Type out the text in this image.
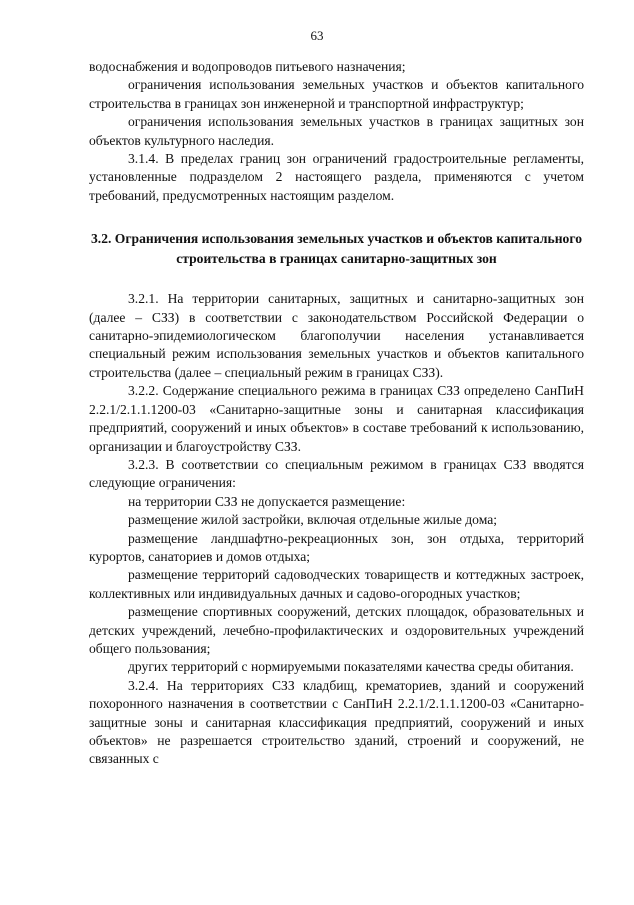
63

водоснабжения и водопроводов питьевого назначения;

ограничения использования земельных участков и объектов капитального строительства в границах зон инженерной и транспортной инфраструктур;

ограничения использования земельных участков в границах защитных зон объектов культурного наследия.

3.1.4. В пределах границ зон ограничений градостроительные регламенты, установленные подразделом 2 настоящего раздела, применяются с учетом требований, предусмотренных настоящим разделом.

3.2. Ограничения использования земельных участков и объектов капитального строительства в границах санитарно-защитных зон

3.2.1. На территории санитарных, защитных и санитарно-защитных зон (далее – СЗЗ) в соответствии с законодательством Российской Федерации о санитарно-эпидемиологическом благополучии населения устанавливается специальный режим использования земельных участков и объектов капитального строительства (далее – специальный режим в границах СЗЗ).

3.2.2. Содержание специального режима в границах СЗЗ определено СанПиН 2.2.1/2.1.1.1200-03 «Санитарно-защитные зоны и санитарная классификация предприятий, сооружений и иных объектов» в составе требований к использованию, организации и благоустройству СЗЗ.

3.2.3. В соответствии со специальным режимом в границах СЗЗ вводятся следующие ограничения:

на территории СЗЗ не допускается размещение:

размещение жилой застройки, включая отдельные жилые дома;

размещение ландшафтно-рекреационных зон, зон отдыха, территорий курортов, санаториев и домов отдыха;

размещение территорий садоводческих товариществ и коттеджных застроек, коллективных или индивидуальных дачных и садово-огородных участков;

размещение спортивных сооружений, детских площадок, образовательных и детских учреждений, лечебно-профилактических и оздоровительных учреждений общего пользования;

других территорий с нормируемыми показателями качества среды обитания.

3.2.4. На территориях СЗЗ кладбищ, крематориев, зданий и сооружений похоронного назначения в соответствии с СанПиН 2.2.1/2.1.1.1200-03 «Санитарно-защитные зоны и санитарная классификация предприятий, сооружений и иных объектов» не разрешается строительство зданий, строений и сооружений, не связанных с
